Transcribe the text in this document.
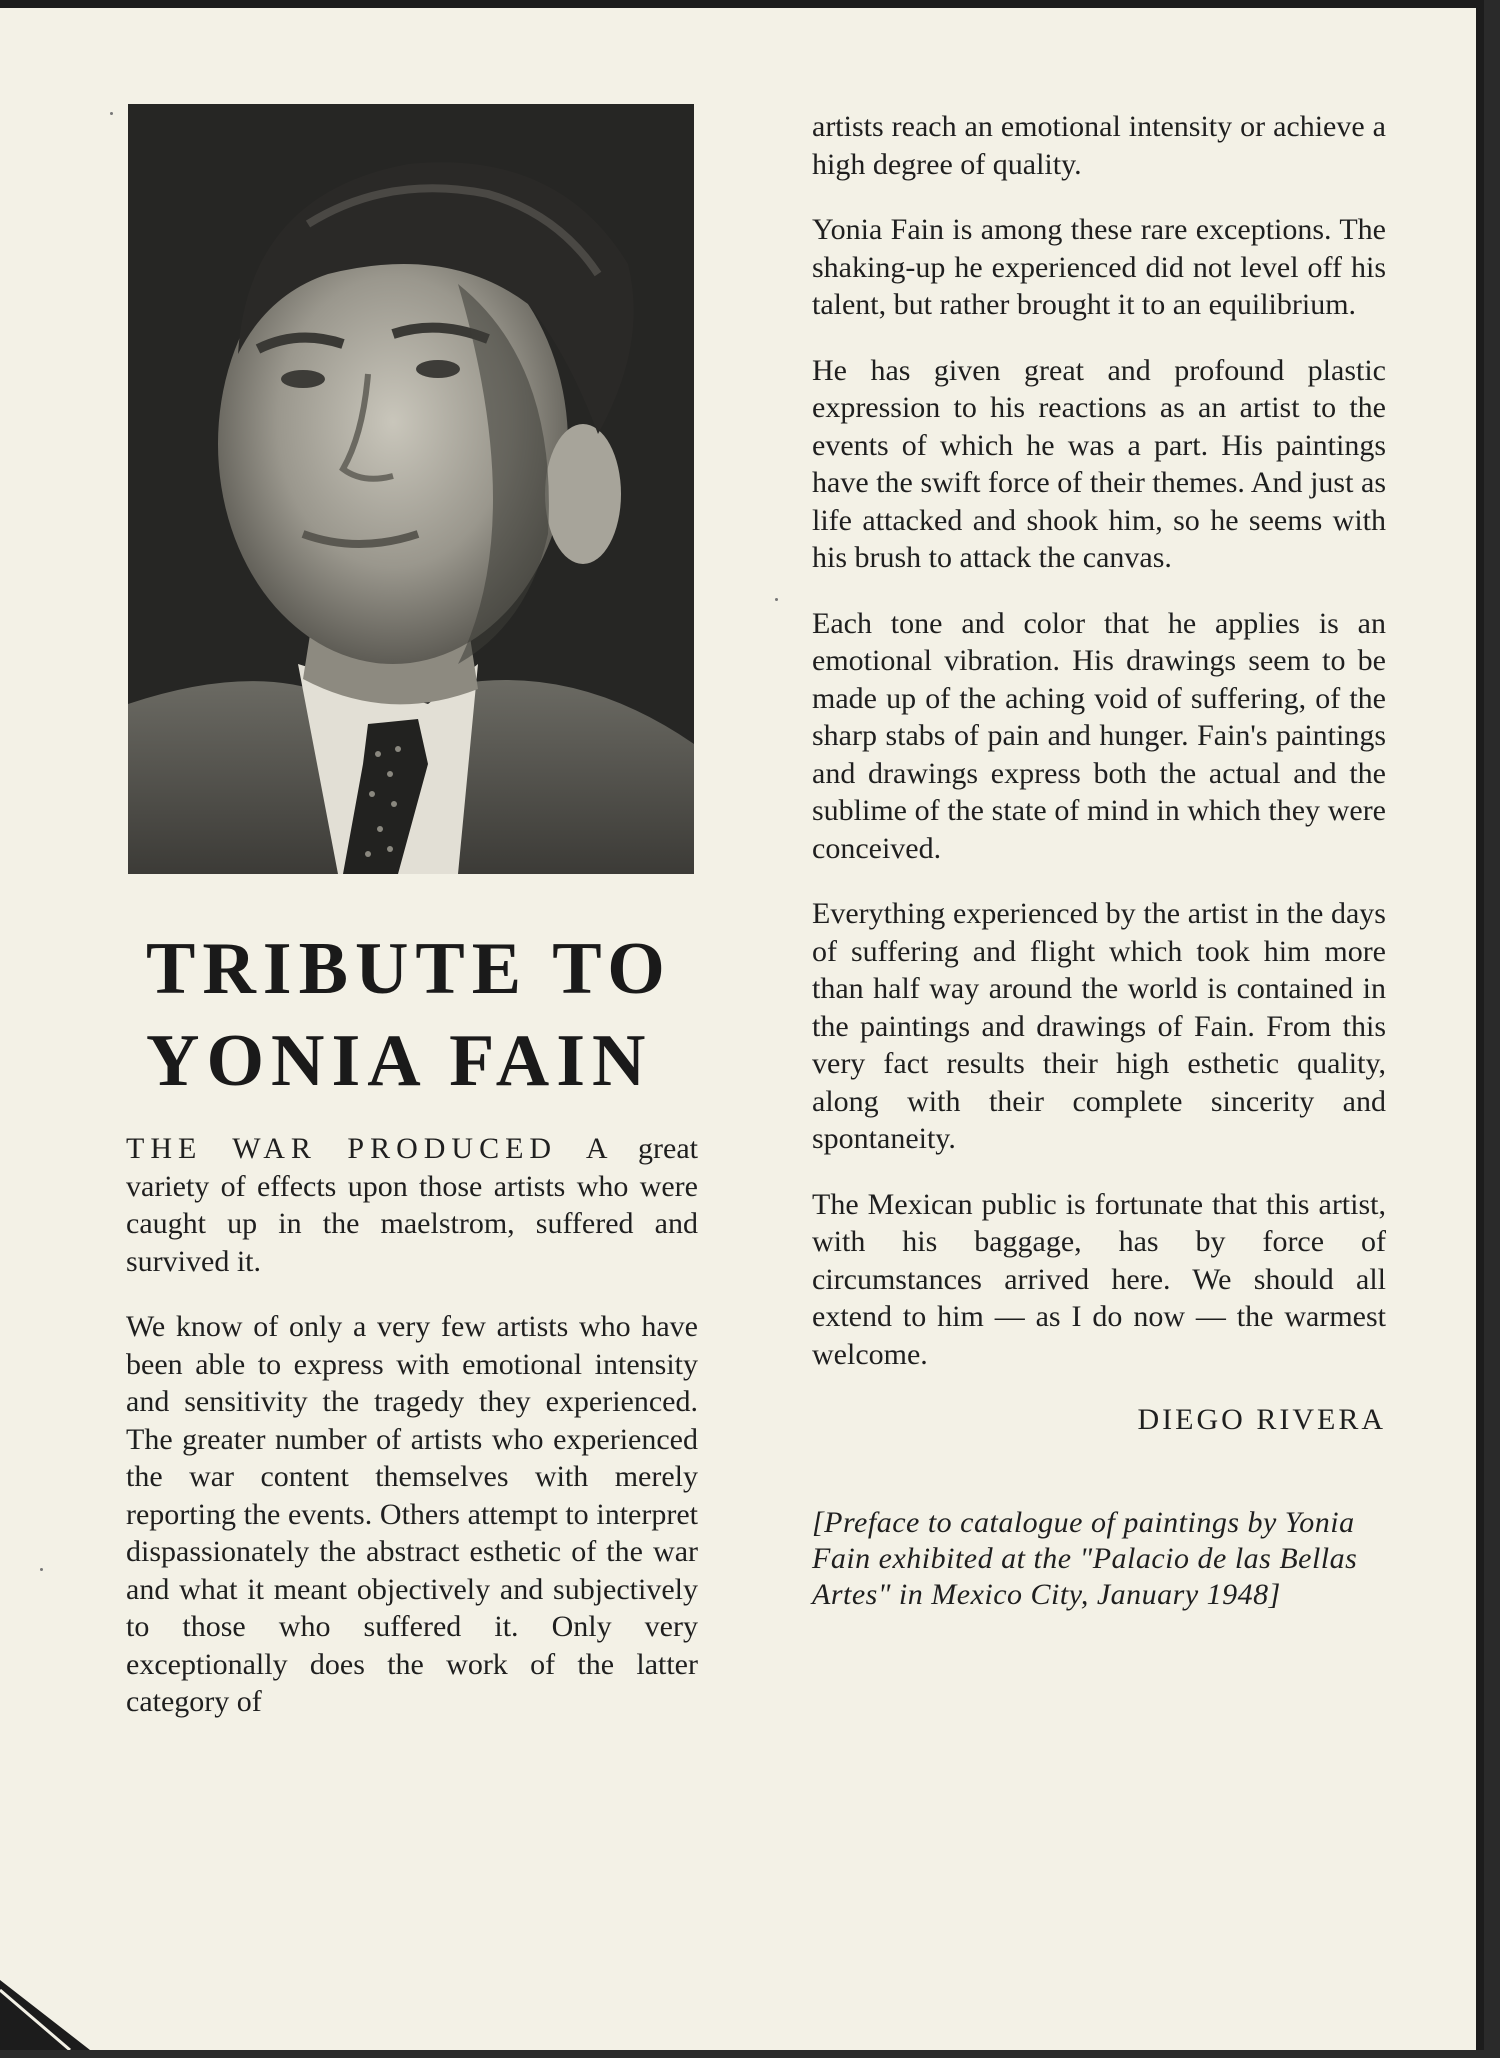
TRIBUTE TO
YONIA FAIN

THE WAR PRODUCED A great variety of effects upon those artists who were caught up in the maelstrom, suffered and survived it.

We know of only a very few artists who have been able to express with emotional intensity and sensitivity the tragedy they experienced. The greater number of artists who experienced the war content themselves with merely reporting the events. Others attempt to interpret dispassionately the abstract esthetic of the war and what it meant objectively and subjectively to those who suffered it. Only very exceptionally does the work of the latter category of

artists reach an emotional intensity or achieve a high degree of quality.

Yonia Fain is among these rare exceptions. The shaking-up he experienced did not level off his talent, but rather brought it to an equilibrium.

He has given great and profound plastic expression to his reactions as an artist to the events of which he was a part. His paintings have the swift force of their themes. And just as life attacked and shook him, so he seems with his brush to attack the canvas.

Each tone and color that he applies is an emotional vibration. His drawings seem to be made up of the aching void of suffering, of the sharp stabs of pain and hunger. Fain's paintings and drawings express both the actual and the sublime of the state of mind in which they were conceived.

Everything experienced by the artist in the days of suffering and flight which took him more than half way around the world is contained in the paintings and drawings of Fain. From this very fact results their high esthetic quality, along with their complete sincerity and spontaneity.

The Mexican public is fortunate that this artist, with his baggage, has by force of circumstances arrived here. We should all extend to him — as I do now — the warmest welcome.

DIEGO RIVERA

[Preface to catalogue of paintings by Yonia Fain exhibited at the "Palacio de las Bellas Artes" in Mexico City, January 1948]
